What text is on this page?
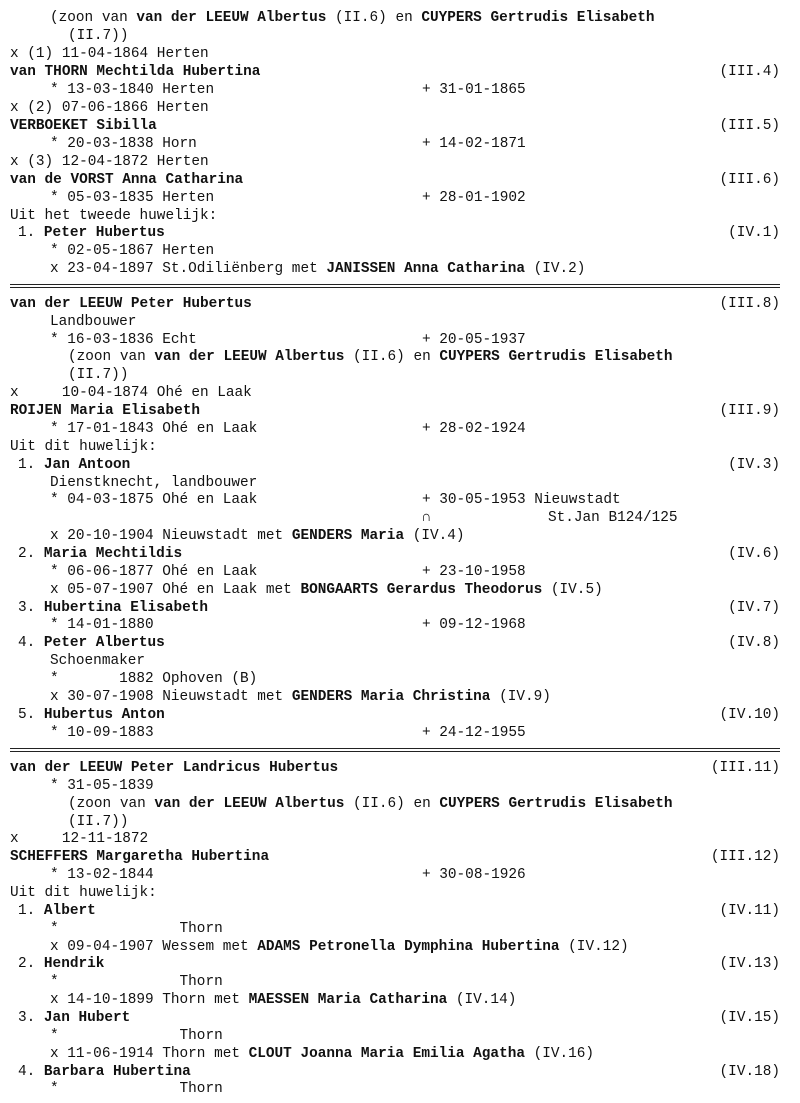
(zoon van van der LEEUW Albertus (II.6) en CUYPERS Gertrudis Elisabeth
(II.7))
x (1) 11-04-1864 Herten
van THORN Mechtilda Hubertina	(III.4)
* 13-03-1840 Herten	+ 31-01-1865
x (2) 07-06-1866 Herten
VERBOEKET Sibilla	(III.5)
* 20-03-1838 Horn	+ 14-02-1871
x (3) 12-04-1872 Herten
van de VORST Anna Catharina	(III.6)
* 05-03-1835 Herten	+ 28-01-1902
Uit het tweede huwelijk:
1. Peter Hubertus	(IV.1)
* 02-05-1867 Herten
x 23-04-1897 St.Odiliënberg met JANISSEN Anna Catharina (IV.2)
van der LEEUW Peter Hubertus	(III.8)
Landbouwer
* 16-03-1836 Echt	+ 20-05-1937
(zoon van van der LEEUW Albertus (II.6) en CUYPERS Gertrudis Elisabeth
(II.7))
x     10-04-1874 Ohé en Laak
ROIJEN Maria Elisabeth	(III.9)
* 17-01-1843 Ohé en Laak	+ 28-02-1924
Uit dit huwelijk:
1. Jan Antoon	(IV.3)
Dienstknecht, landbouwer
* 04-03-1875 Ohé en Laak	+ 30-05-1953 Nieuwstadt
∩	St.Jan B124/125
x 20-10-1904 Nieuwstadt met GENDERS Maria (IV.4)
2. Maria Mechtildis	(IV.6)
* 06-06-1877 Ohé en Laak	+ 23-10-1958
x 05-07-1907 Ohé en Laak met BONGAARTS Gerardus Theodorus (IV.5)
3. Hubertina Elisabeth	(IV.7)
* 14-01-1880	+ 09-12-1968
4. Peter Albertus	(IV.8)
Schoenmaker
*       1882 Ophoven (B)
x 30-07-1908 Nieuwstadt met GENDERS Maria Christina (IV.9)
5. Hubertus Anton	(IV.10)
* 10-09-1883	+ 24-12-1955
van der LEEUW Peter Landricus Hubertus	(III.11)
* 31-05-1839
(zoon van van der LEEUW Albertus (II.6) en CUYPERS Gertrudis Elisabeth
(II.7))
x     12-11-1872
SCHEFFERS Margaretha Hubertina	(III.12)
* 13-02-1844	+ 30-08-1926
Uit dit huwelijk:
1. Albert	(IV.11)
*              Thorn
x 09-04-1907 Wessem met ADAMS Petronella Dymphina Hubertina (IV.12)
2. Hendrik	(IV.13)
*              Thorn
x 14-10-1899 Thorn met MAESSEN Maria Catharina (IV.14)
3. Jan Hubert	(IV.15)
*              Thorn
x 11-06-1914 Thorn met CLOUT Joanna Maria Emilia Agatha (IV.16)
4. Barbara Hubertina	(IV.18)
*              Thorn
